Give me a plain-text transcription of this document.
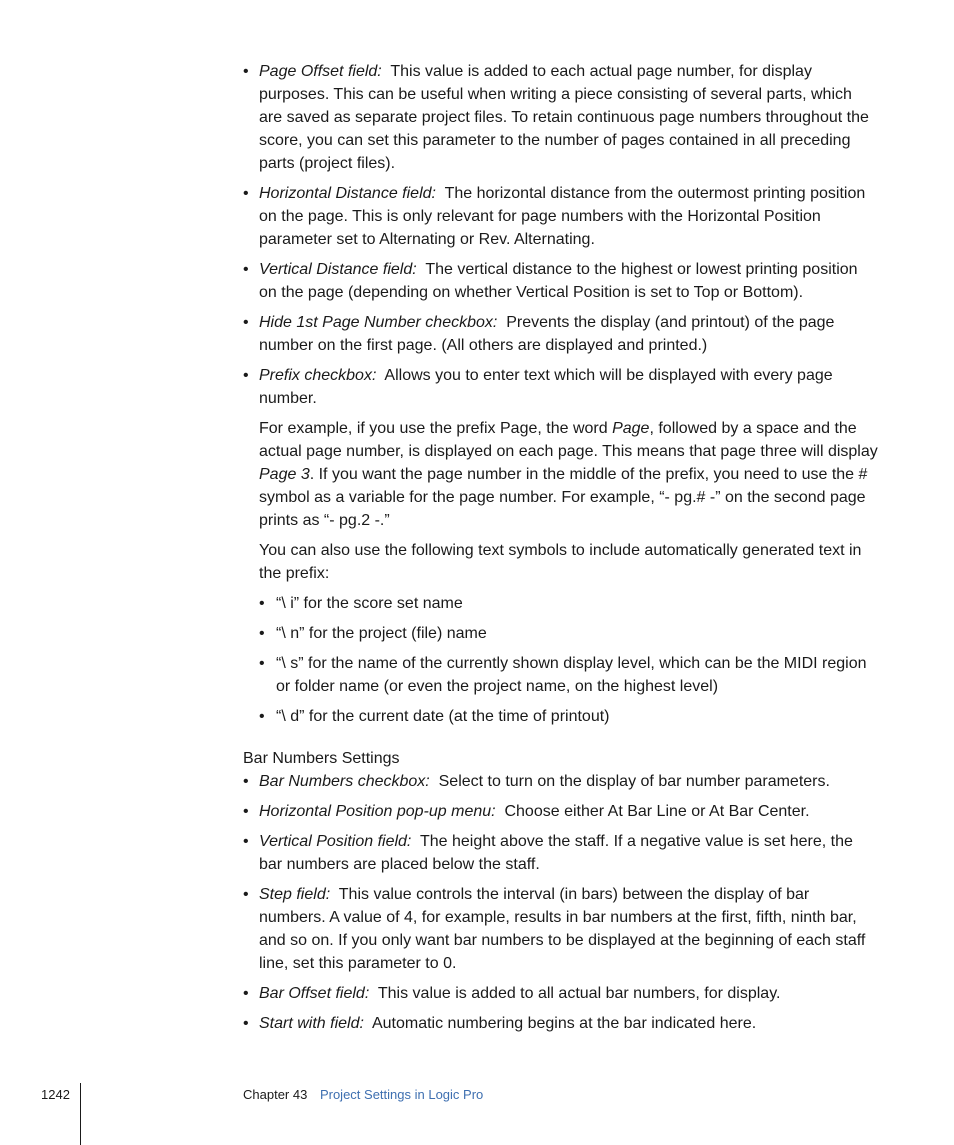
• Page Offset field: This value is added to each actual page number, for display purposes. This can be useful when writing a piece consisting of several parts, which are saved as separate project files. To retain continuous page numbers throughout the score, you can set this parameter to the number of pages contained in all preceding parts (project files).
• Horizontal Distance field: The horizontal distance from the outermost printing position on the page. This is only relevant for page numbers with the Horizontal Position parameter set to Alternating or Rev. Alternating.
• Vertical Distance field: The vertical distance to the highest or lowest printing position on the page (depending on whether Vertical Position is set to Top or Bottom).
• Hide 1st Page Number checkbox: Prevents the display (and printout) of the page number on the first page. (All others are displayed and printed.)
• Prefix checkbox: Allows you to enter text which will be displayed with every page number.
For example, if you use the prefix Page, the word Page, followed by a space and the actual page number, is displayed on each page. This means that page three will display Page 3. If you want the page number in the middle of the prefix, you need to use the # symbol as a variable for the page number. For example, “- pg.# -” on the second page prints as “- pg.2 -.”
You can also use the following text symbols to include automatically generated text in the prefix:
• “\ i” for the score set name
• “\ n” for the project (file) name
• “\ s” for the name of the currently shown display level, which can be the MIDI region or folder name (or even the project name, on the highest level)
• “\ d” for the current date (at the time of printout)
Bar Numbers Settings
• Bar Numbers checkbox: Select to turn on the display of bar number parameters.
• Horizontal Position pop-up menu: Choose either At Bar Line or At Bar Center.
• Vertical Position field: The height above the staff. If a negative value is set here, the bar numbers are placed below the staff.
• Step field: This value controls the interval (in bars) between the display of bar numbers. A value of 4, for example, results in bar numbers at the first, fifth, ninth bar, and so on. If you only want bar numbers to be displayed at the beginning of each staff line, set this parameter to 0.
• Bar Offset field: This value is added to all actual bar numbers, for display.
• Start with field: Automatic numbering begins at the bar indicated here.
1242	Chapter 43 Project Settings in Logic Pro
